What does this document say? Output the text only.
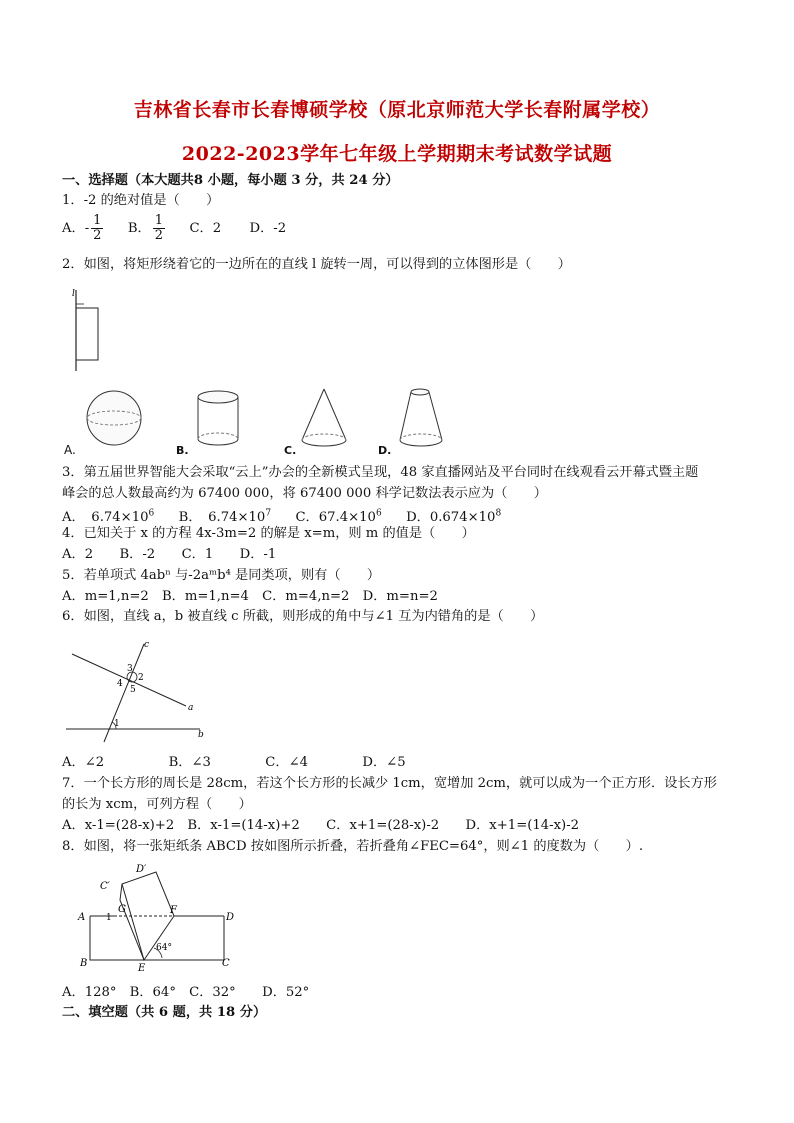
吉林省长春市长春博硕学校（原北京师范大学长春附属学校）
2022-2023学年七年级上学期期末考试数学试题
一、选择题（本大题共8 小题，每小题 3 分，共 24 分）
1．-2 的绝对值是（　　）
A．- $\frac{1}{2}$ B． $\frac{1}{2}$ C．2 D．-2
2．如图，将矩形绕着它的一边所在的直线 l 旋转一周，可以得到的立体图形是（　　）
l
A.	B.	C.	D.
3．第五届世界智能大会采取“云上”办会的全新模式呈现，48 家直播网站及平台同时在线观看云开幕式暨主题
峰会的总人数最高约为 67400 000，将 67400 000 科学记数法表示应为（　　）
A．　$6.74\times 10^6$ B．　$6.74\times 10^7$ C．$67.4\times 10^6$ D．$0.674\times 10^8$
4．已知关于 x 的方程 4x-3m=2 的解是 x=m，则 m 的值是（　　）
A．2　　B．-2　　C．1　　D．-1
5．若单项式 4abⁿ 与-2aᵐb⁴ 是同类项，则有（　　）
A．m=1,n=2　B．m=1,n=4　C．m=4,n=2　D．m=n=2
6．如图，直线 a，b 被直线 c 所截，则形成的角中与∠1 互为内错角的是（　　）
c
a
b
3
2
4
5
1
A．∠2	B．∠3	C．∠4	D．∠5
7．一个长方形的周长是 28cm，若这个长方形的长减少 1cm，宽增加 2cm，就可以成为一个正方形．设长方形
的长为 xcm，可列方程（　　）
A．x-1=(28-x)+2　B．x-1=(14-x)+2　　C．x+1=(28-x)-2　　D．x+1=(14-x)-2
8．如图，将一张矩纸条 ABCD 按如图所示折叠，若折叠角∠FEC=64°，则∠1 的度数为（　　）.
D′
C′
G
1
F
A	D
B	E	C
64°
A．128°　B．64°　C．32°　　D．52°
二、填空题（共 6 题，共 18 分）
